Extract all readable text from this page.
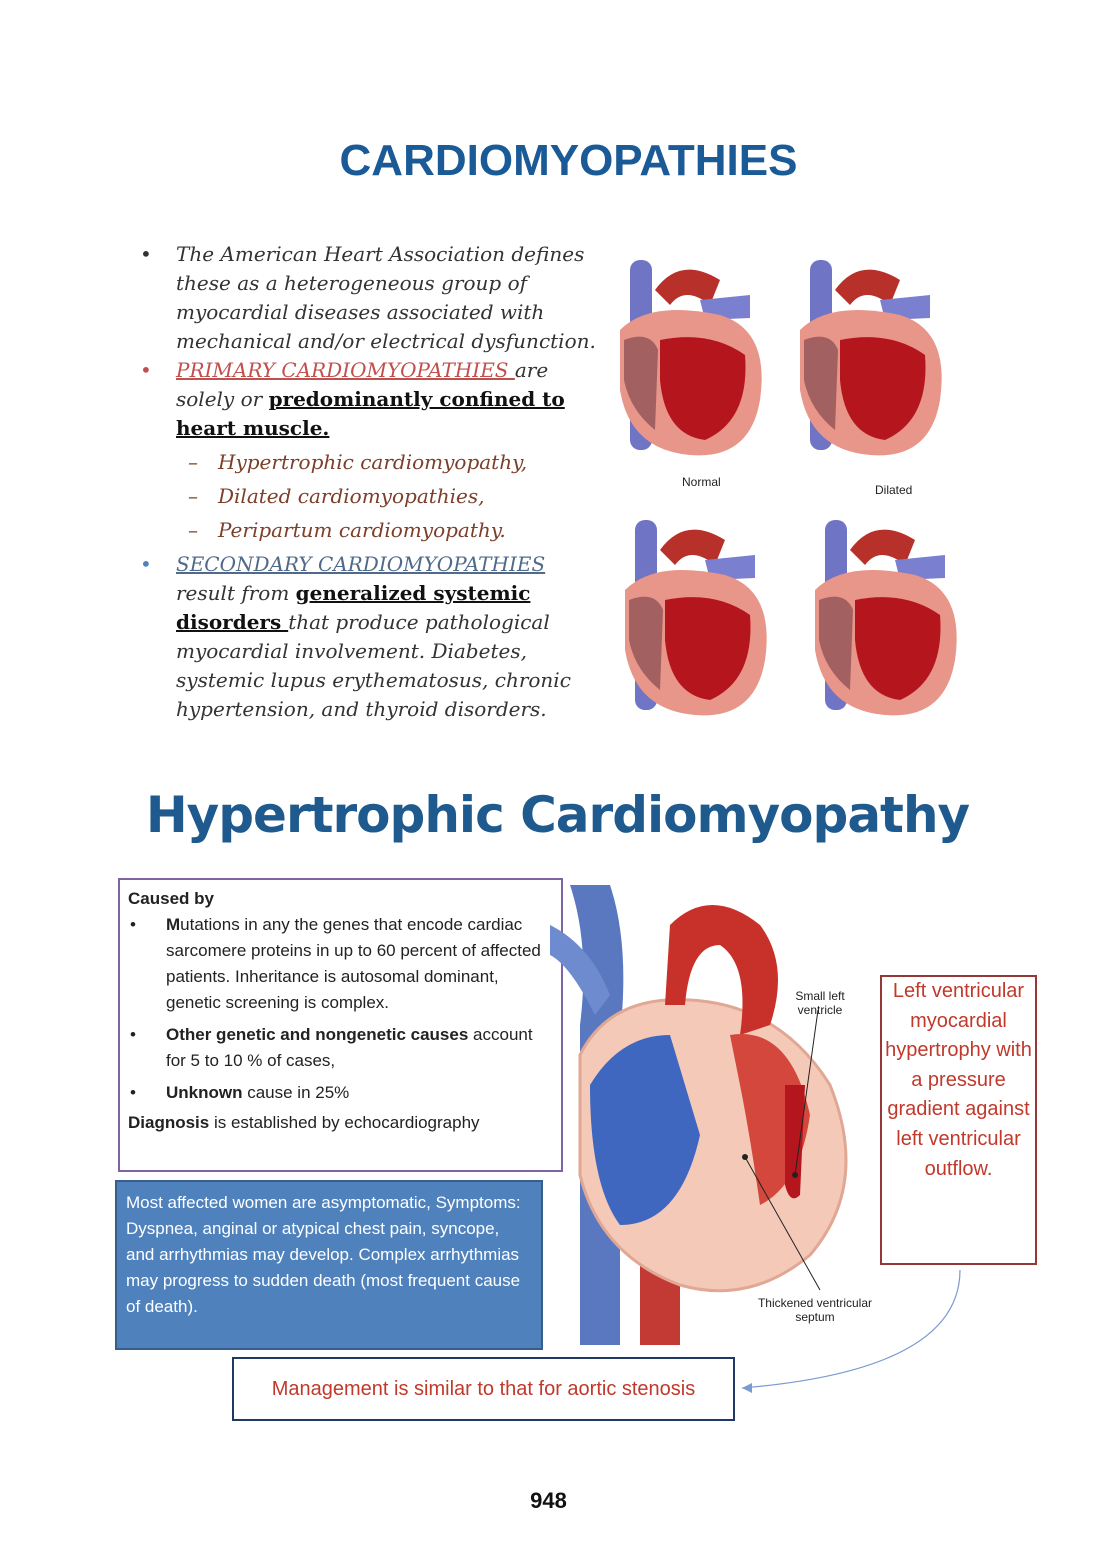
CARDIOMYOPATHIES
• The American Heart Association defines these as a heterogeneous group of myocardial diseases associated with mechanical and/or electrical dysfunction.
• PRIMARY CARDIOMYOPATHIES are solely or predominantly confined to heart muscle.
– Hypertrophic cardiomyopathy,
– Dilated cardiomyopathies,
– Peripartum cardiomyopathy.
• SECONDARY CARDIOMYOPATHIES
result from generalized systemic disorders that produce pathological myocardial involvement. Diabetes, systemic lupus erythematosus, chronic hypertension, and thyroid disorders.
Normal
Dilated
Hypertrophic Cardiomyopathy
Caused by
• Mutations in any the genes that encode cardiac sarcomere proteins in up to 60 percent of affected patients. Inheritance is autosomal dominant, genetic screening is complex.
• Other genetic and nongenetic causes account for 5 to 10 % of cases,
• Unknown cause in 25%
Diagnosis is established by echocardiography
Most affected women are asymptomatic, Symptoms: Dyspnea, anginal or atypical chest pain, syncope, and arrhythmias may develop. Complex arrhythmias may progress to sudden death (most frequent cause of death).
Small left ventricle
Thickened ventricular septum
Left ventricular myocardial hypertrophy with a pressure gradient against left ventricular outflow.
Management is similar to that for aortic stenosis
948
